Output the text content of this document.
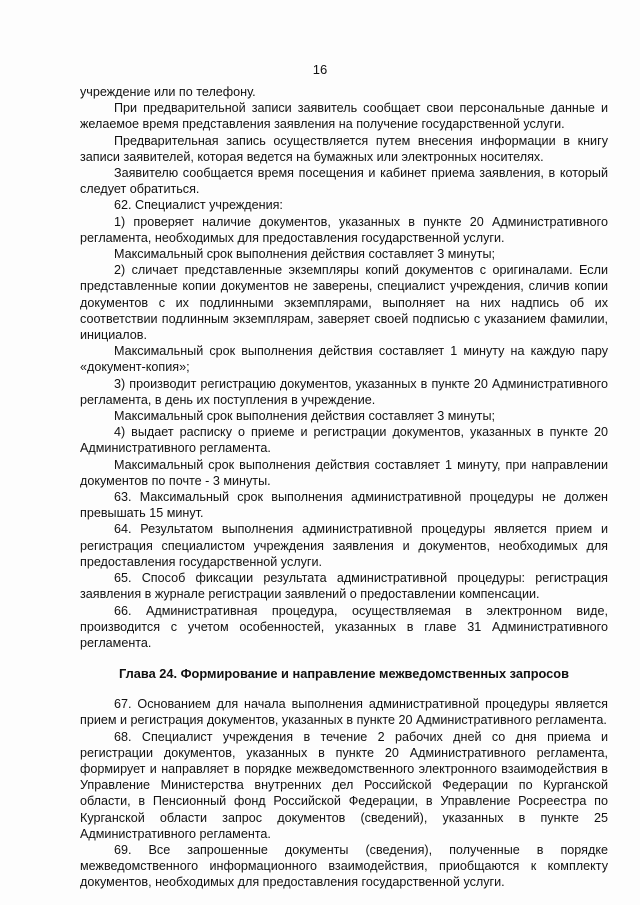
16

учреждение или по телефону.

При предварительной записи заявитель сообщает свои персональные данные и желаемое время представления заявления на получение государственной услуги.

Предварительная запись осуществляется путем внесения информации в книгу записи заявителей, которая ведется на бумажных или электронных носителях.

Заявителю сообщается время посещения и кабинет приема заявления, в который следует обратиться.

62. Специалист учреждения:

1) проверяет наличие документов, указанных в пункте 20 Административного регламента, необходимых для предоставления государственной услуги.

Максимальный срок выполнения действия составляет 3 минуты;

2) сличает представленные экземпляры копий документов с оригиналами. Если представленные копии документов не заверены, специалист учреждения, сличив копии документов с их подлинными экземплярами, выполняет на них надпись об их соответствии подлинным экземплярам, заверяет своей подписью с указанием фамилии, инициалов.

Максимальный срок выполнения действия составляет 1 минуту на каждую пару «документ-копия»;

3) производит регистрацию документов, указанных в пункте 20 Административного регламента, в день их поступления в учреждение.

Максимальный срок выполнения действия составляет 3 минуты;

4) выдает расписку о приеме и регистрации документов, указанных в пункте 20 Административного регламента.

Максимальный срок выполнения действия составляет 1 минуту, при направлении документов по почте - 3 минуты.

63. Максимальный срок выполнения административной процедуры не должен превышать 15 минут.

64. Результатом выполнения административной процедуры является прием и регистрация специалистом учреждения заявления и документов, необходимых для предоставления государственной услуги.

65. Способ фиксации результата административной процедуры: регистрация заявления в журнале регистрации заявлений о предоставлении компенсации.

66. Административная процедура, осуществляемая в электронном виде, производится с учетом особенностей, указанных в главе 31 Административного регламента.

Глава 24. Формирование и направление межведомственных запросов

67. Основанием для начала выполнения административной процедуры является прием и регистрация документов, указанных в пункте 20 Административного регламента.

68. Специалист учреждения в течение 2 рабочих дней со дня приема и регистрации документов, указанных в пункте 20 Административного регламента, формирует и направляет в порядке межведомственного электронного взаимодействия в Управление Министерства внутренних дел Российской Федерации по Курганской области, в Пенсионный фонд Российской Федерации, в Управление Росреестра по Курганской области запрос документов (сведений), указанных в пункте 25 Административного регламента.

69. Все запрошенные документы (сведения), полученные в порядке межведомственного информационного взаимодействия, приобщаются к комплекту документов, необходимых для предоставления государственной услуги.
